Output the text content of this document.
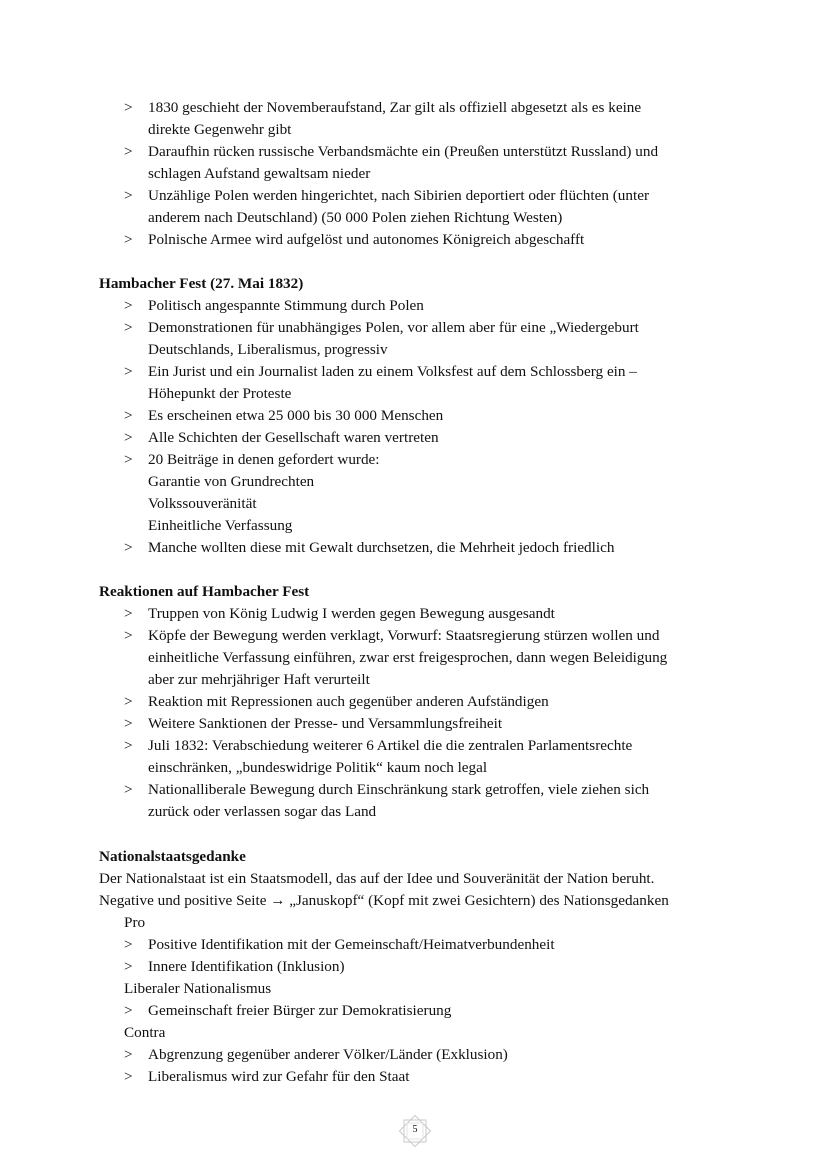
> 1830 geschieht der Novemberaufstand, Zar gilt als offiziell abgesetzt als es keine
direkte Gegenwehr gibt
> Daraufhin rücken russische Verbandsmächte ein (Preußen unterstützt Russland) und
schlagen Aufstand gewaltsam nieder
> Unzählige Polen werden hingerichtet, nach Sibirien deportiert oder flüchten (unter
anderem nach Deutschland) (50 000 Polen ziehen Richtung Westen)
> Polnische Armee wird aufgelöst und autonomes Königreich abgeschafft
Hambacher Fest (27. Mai 1832)
> Politisch angespannte Stimmung durch Polen
> Demonstrationen für unabhängiges Polen, vor allem aber für eine „Wiedergeburt
Deutschlands, Liberalismus, progressiv
> Ein Jurist und ein Journalist laden zu einem Volksfest auf dem Schlossberg ein –
Höhepunkt der Proteste
> Es erscheinen etwa 25 000 bis 30 000 Menschen
> Alle Schichten der Gesellschaft waren vertreten
> 20 Beiträge in denen gefordert wurde:
Garantie von Grundrechten
Volkssouveränität
Einheitliche Verfassung
> Manche wollten diese mit Gewalt durchsetzen, die Mehrheit jedoch friedlich
Reaktionen auf Hambacher Fest
> Truppen von König Ludwig I werden gegen Bewegung ausgesandt
> Köpfe der Bewegung werden verklagt, Vorwurf: Staatsregierung stürzen wollen und
einheitliche Verfassung einführen, zwar erst freigesprochen, dann wegen Beleidigung
aber zur mehrjähriger Haft verurteilt
> Reaktion mit Repressionen auch gegenüber anderen Aufständigen
> Weitere Sanktionen der Presse- und Versammlungsfreiheit
> Juli 1832: Verabschiedung weiterer 6 Artikel die die zentralen Parlamentsrechte
einschränken, „bundeswidrige Politik“ kaum noch legal
> Nationalliberale Bewegung durch Einschränkung stark getroffen, viele ziehen sich
zurück oder verlassen sogar das Land
Nationalstaatsgedanke
Der Nationalstaat ist ein Staatsmodell, das auf der Idee und Souveränität der Nation beruht.
Negative und positive Seite → „Januskopf“ (Kopf mit zwei Gesichtern) des Nationsgedanken
Pro
> Positive Identifikation mit der Gemeinschaft/Heimatverbundenheit
> Innere Identifikation (Inklusion)
Liberaler Nationalismus
> Gemeinschaft freier Bürger zur Demokratisierung
Contra
> Abgrenzung gegenüber anderer Völker/Länder (Exklusion)
> Liberalismus wird zur Gefahr für den Staat
5
